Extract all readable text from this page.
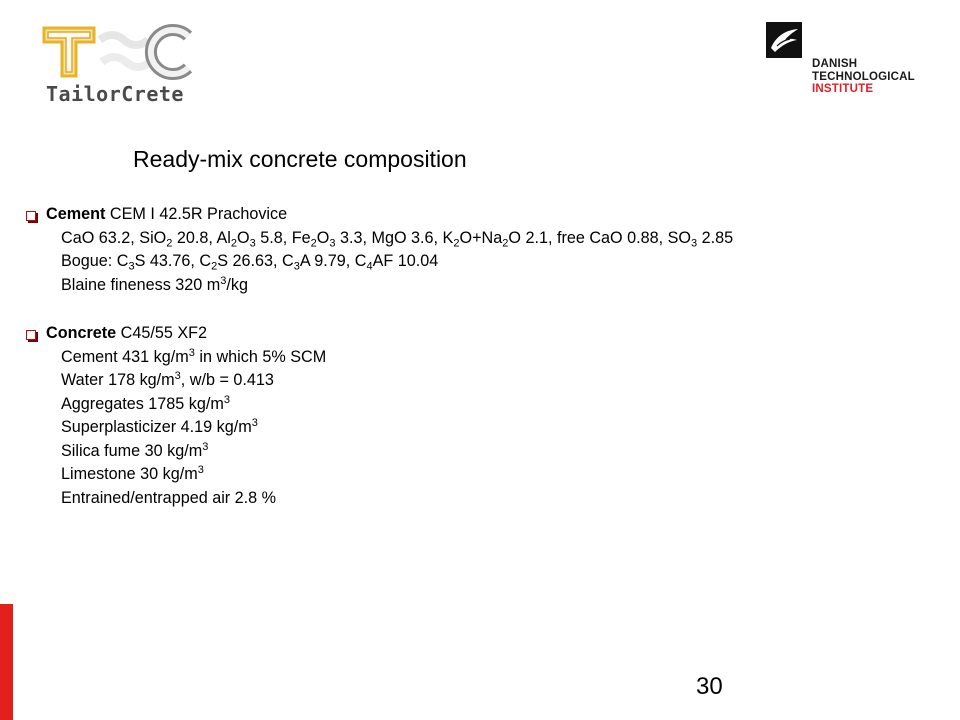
TailorCrete
DANISH
TECHNOLOGICAL
INSTITUTE
Ready-mix concrete composition
Cement CEM I 42.5R Prachovice
CaO 63.2, SiO$_2$ 20.8, $Al_2O_3$ 5.8, $Fe_2O_3$ 3.3, MgO 3.6, $K_2O+Na_2O$ 2.1, free CaO 0.88, $SO_3$ 2.85
Bogue: $C_3S$ 43.76, $C_2S$ 26.63, $C_3A$ 9.79, $C_4AF$ 10.04
Blaine fineness 320 $m^3/kg$
Concrete C45/55 XF2
Cement 431 $kg/m^3$ in which 5% SCM
Water 178 $kg/m^3$, w/b = 0.413
Aggregates 1785 $kg/m^3$
Superplasticizer 4.19 $kg/m^3$
Silica fume 30 $kg/m^3$
Limestone 30 $kg/m^3$
Entrained/entrapped air 2.8 %
30
